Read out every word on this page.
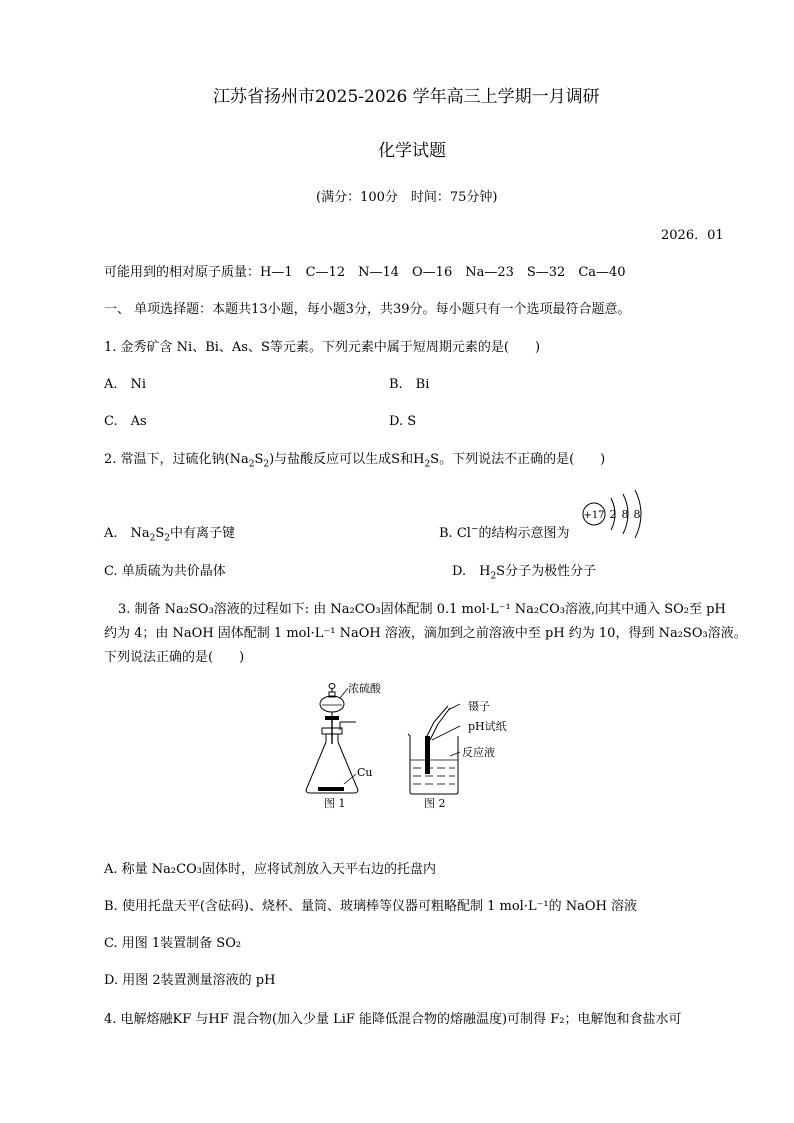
江苏省扬州市2025-2026 学年高三上学期一月调研
化学试题
(满分：100分　时间：75分钟)
2026．01
可能用到的相对原子质量：H—1　C—12　N—14　O—16　Na—23　S—32　Ca—40
一、 单项选择题：本题共13小题，每小题3分，共39分。每小题只有一个选项最符合题意。
1. 金秀矿含 Ni、Bi、As、S等元素。下列元素中属于短周期元素的是(　　)
A.　Ni	B.　Bi
C.　As	D. S
2. 常温下，过硫化钠$(Na_2S_2)$与盐酸反应可以生成S和$H_2S$。下列说法不正确的是(　　)
+17 2 8 8
A.　$Na_2S_2$中有离子键	B. Cl−的结构示意图为
C. 单质硫为共价晶体	D.　$H_2S$分子为极性分子
3. 制备 Na₂SO₃溶液的过程如下: 由 Na₂CO₃固体配制 0.1 mol·L⁻¹ Na₂CO₃溶液,向其中通入 SO₂至 pH
约为 4；由 NaOH 固体配制 1 mol·L⁻¹ NaOH 溶液，滴加到之前溶液中至 pH 约为 10，得到 Na₂SO₃溶液。
下列说法正确的是(　　)
浓硫酸
Cu
图 1
镊子
pH试纸
反应液
图 2
A. 称量 Na₂CO₃固体时，应将试剂放入天平右边的托盘内
B. 使用托盘天平(含砝码)、烧杯、量筒、玻璃棒等仪器可粗略配制 1 mol·L⁻¹的 NaOH 溶液
C. 用图 1装置制备 SO₂
D. 用图 2装置测量溶液的 pH
4. 电解熔融KF 与HF 混合物(加入少量 LiF 能降低混合物的熔融温度)可制得 F₂；电解饱和食盐水可
